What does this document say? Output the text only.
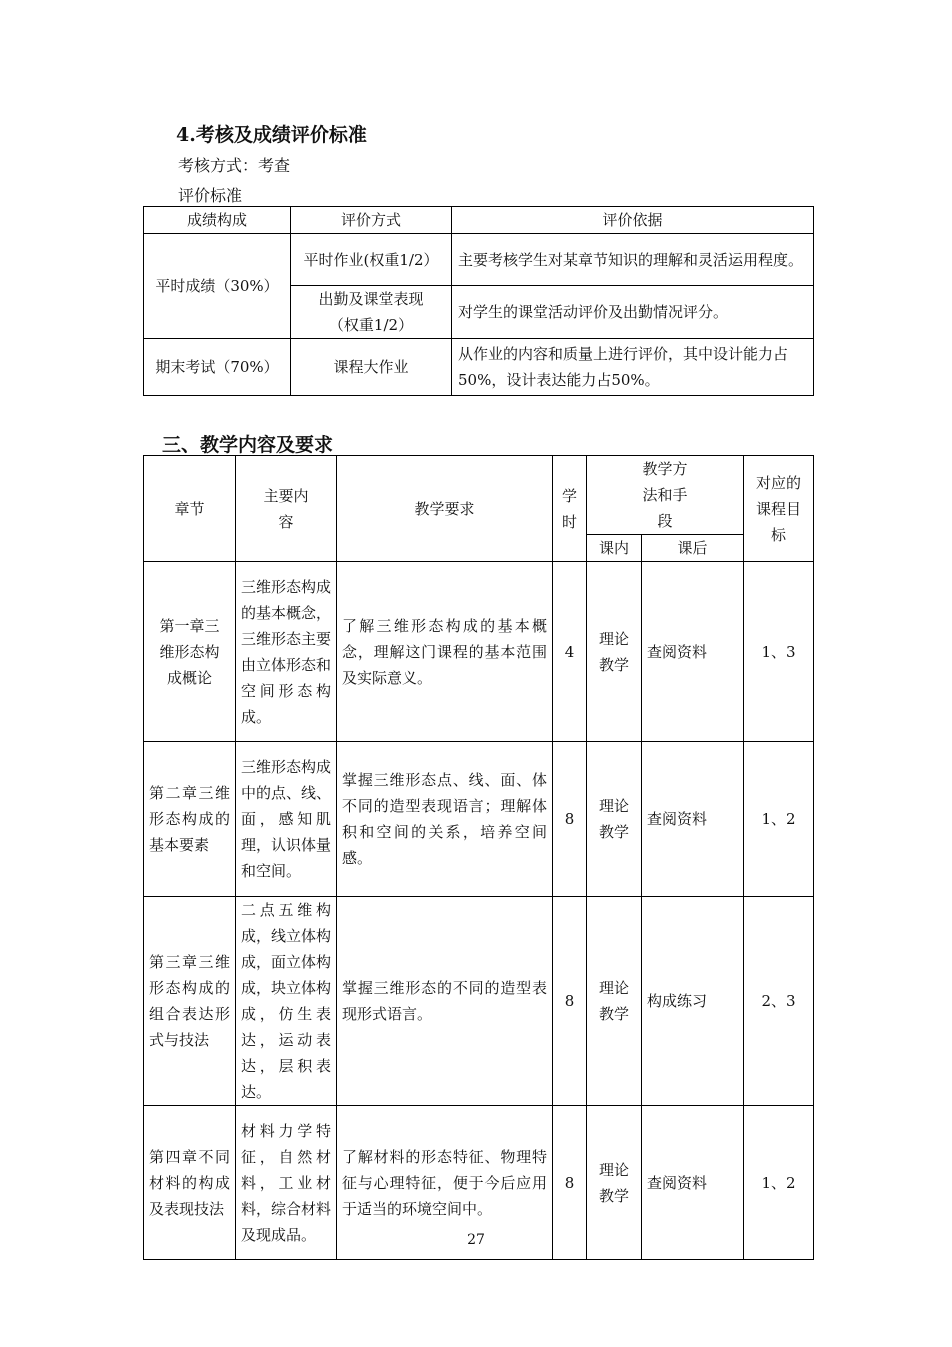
4.考核及成绩评价标准
考核方式：考查
评价标准
成绩构成	评价方式	评价依据
平时成绩（30%）	平时作业(权重1/2）	主要考核学生对某章节知识的理解和灵活运用程度。
	出勤及课堂表现（权重1/2）	对学生的课堂活动评价及出勤情况评分。
期末考试（70%）	课程大作业	从作业的内容和质量上进行评价，其中设计能力占50%，设计表达能力占50%。
三、教学内容及要求
章节	主要内容	教学要求	学时	教学方法和手段		对应的课程目标
				课内	课后	
第一章三维形态构成概论	三维形态构成的基本概念，三维形态主要由立体形态和空间形态构成。	了解三维形态构成的基本概念，理解这门课程的基本范围及实际意义。	4	理论教学	查阅资料	1、3
第二章三维形态构成的基本要素	三维形态构成中的点、线、面，感知肌理，认识体量和空间。	掌握三维形态点、线、面、体不同的造型表现语言；理解体积和空间的关系，培养空间感。	8	理论教学	查阅资料	1、2
第三章三维形态构成的组合表达形式与技法	二点五维构成，线立体构成，面立体构成，块立体构成，仿生表达，运动表达，层积表达。	掌握三维形态的不同的造型表现形式语言。	8	理论教学	构成练习	2、3
第四章不同材料的构成及表现技法	材料力学特征，自然材料，工业材料，综合材料及现成品。	了解材料的形态特征、物理特征与心理特征，便于今后应用于适当的环境空间中。	8	理论教学	查阅资料	1、2
27
